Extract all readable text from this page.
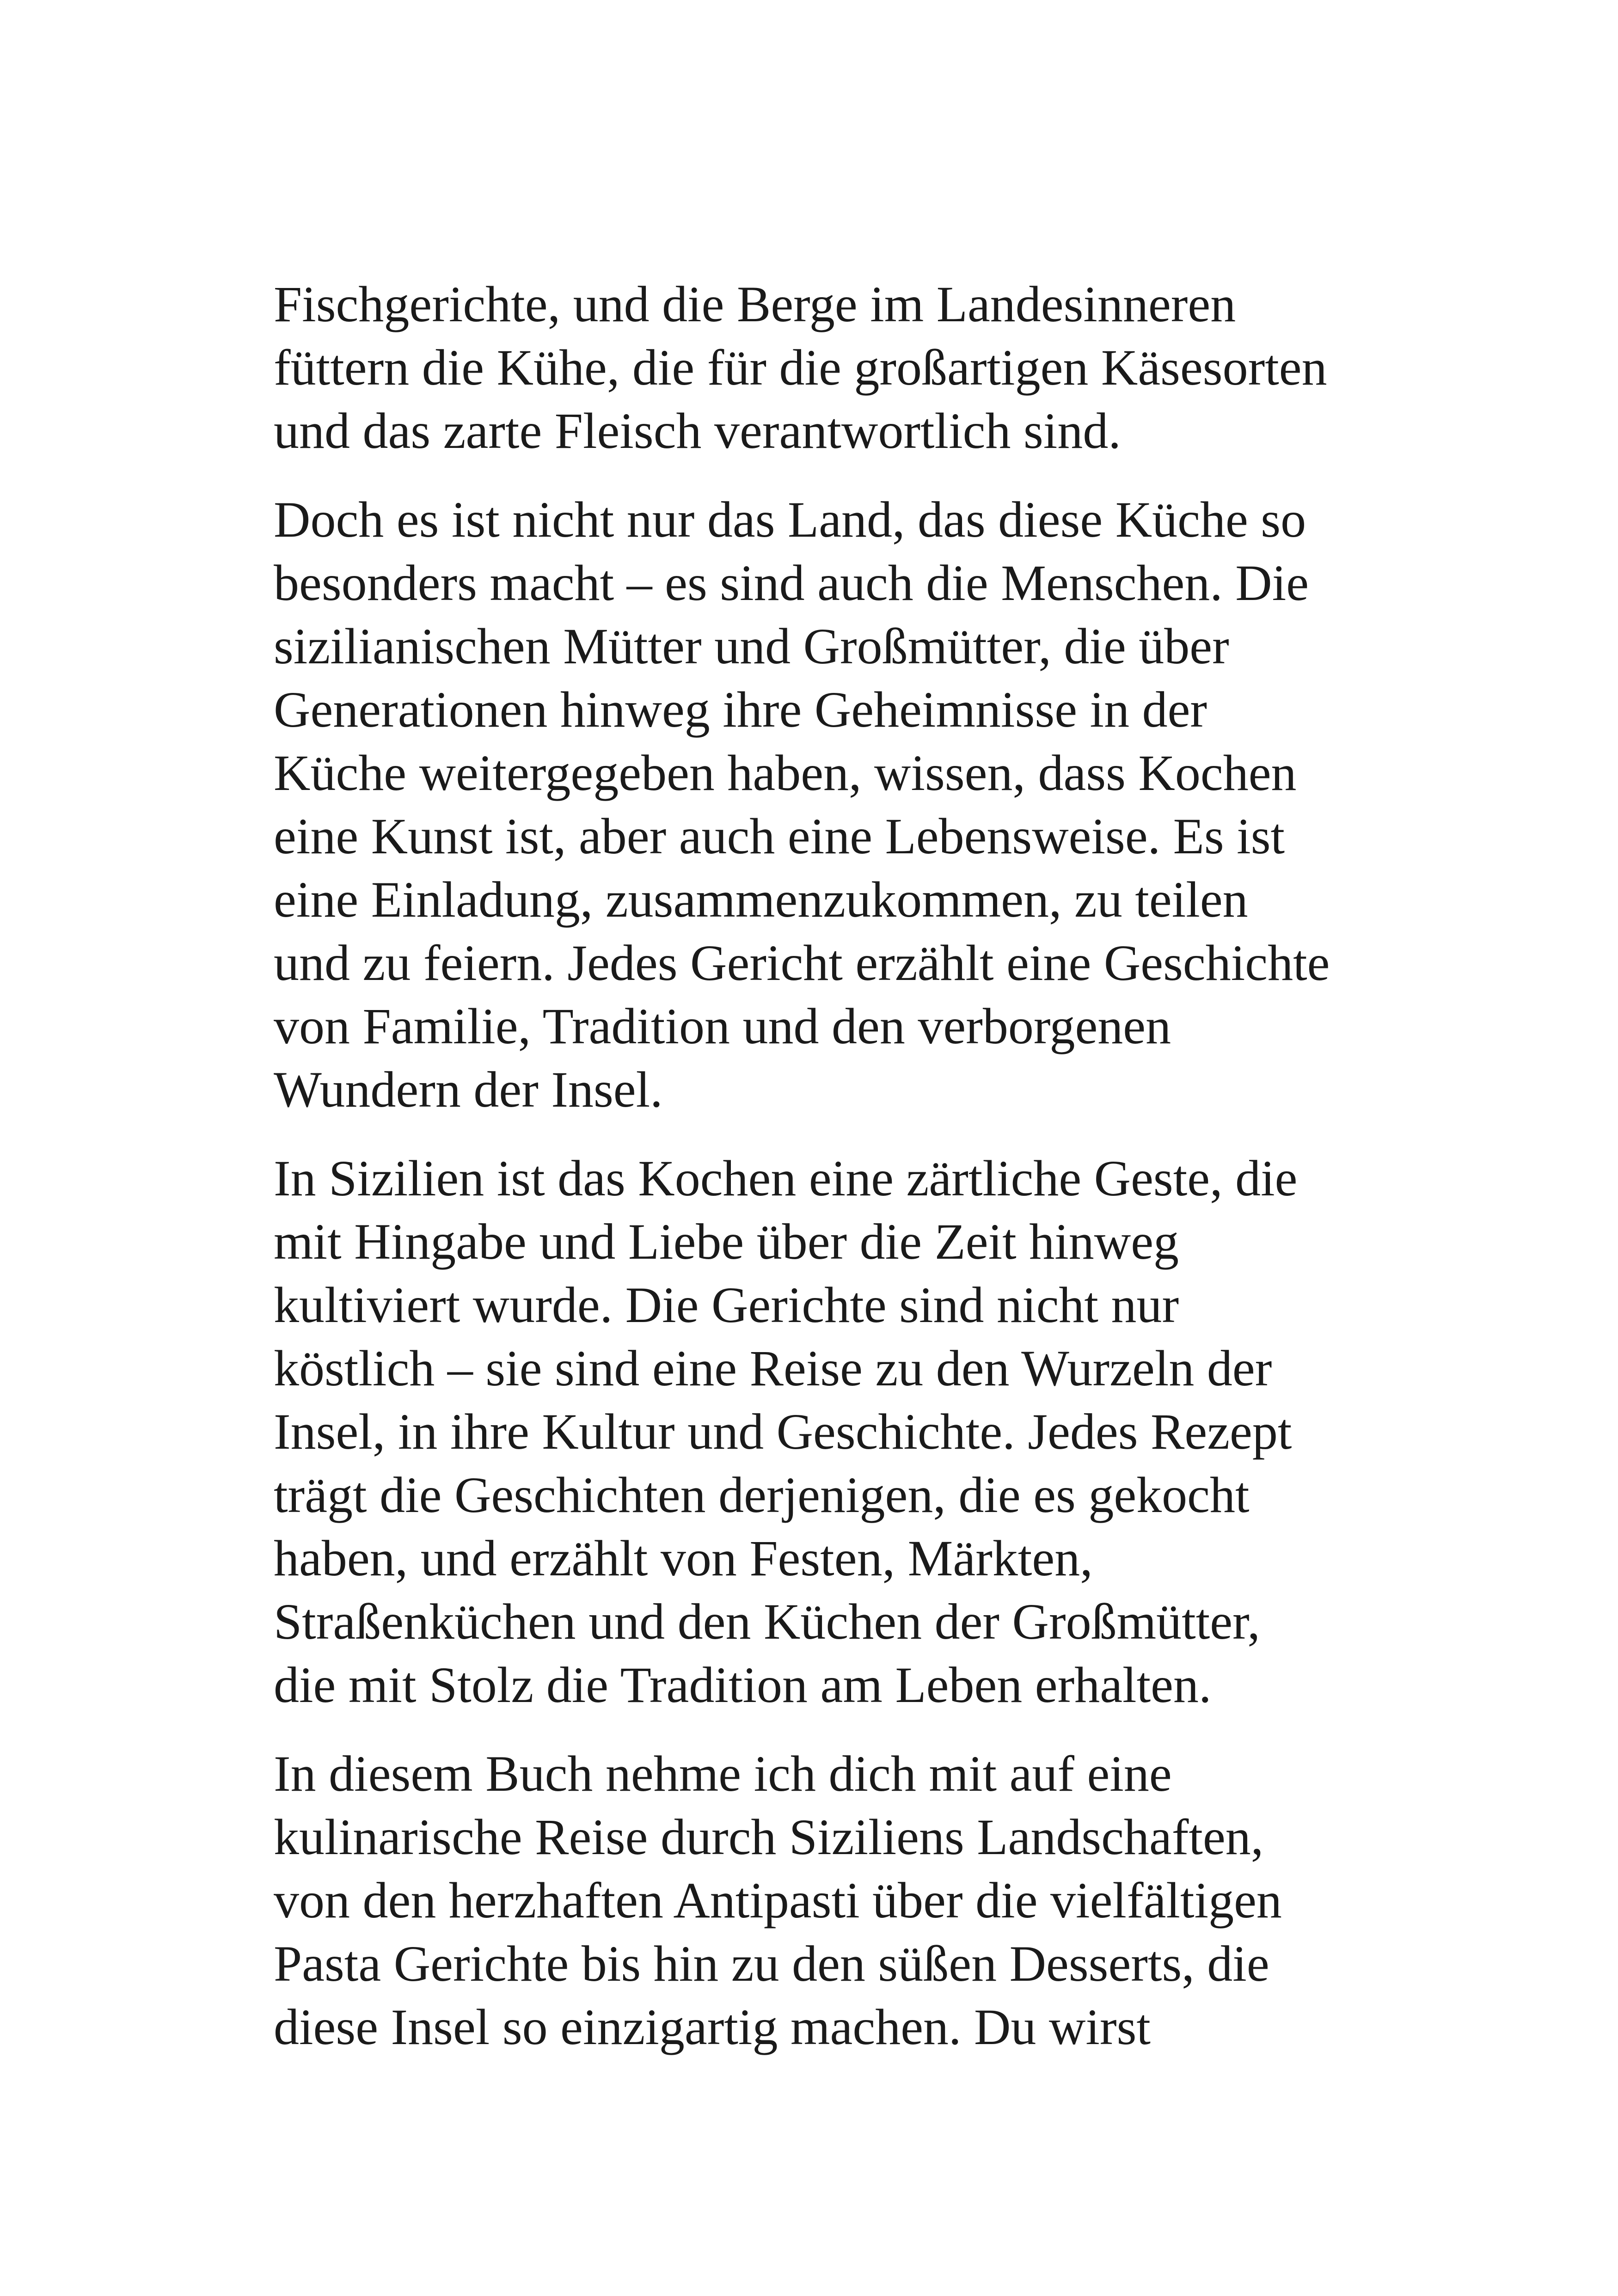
Fischgerichte, und die Berge im Landesinneren
füttern die Kühe, die für die großartigen Käsesorten
und das zarte Fleisch verantwortlich sind.

Doch es ist nicht nur das Land, das diese Küche so
besonders macht – es sind auch die Menschen. Die
sizilianischen Mütter und Großmütter, die über
Generationen hinweg ihre Geheimnisse in der
Küche weitergegeben haben, wissen, dass Kochen
eine Kunst ist, aber auch eine Lebensweise. Es ist
eine Einladung, zusammenzukommen, zu teilen
und zu feiern. Jedes Gericht erzählt eine Geschichte
von Familie, Tradition und den verborgenen
Wundern der Insel.

In Sizilien ist das Kochen eine zärtliche Geste, die
mit Hingabe und Liebe über die Zeit hinweg
kultiviert wurde. Die Gerichte sind nicht nur
köstlich – sie sind eine Reise zu den Wurzeln der
Insel, in ihre Kultur und Geschichte. Jedes Rezept
trägt die Geschichten derjenigen, die es gekocht
haben, und erzählt von Festen, Märkten,
Straßenküchen und den Küchen der Großmütter,
die mit Stolz die Tradition am Leben erhalten.

In diesem Buch nehme ich dich mit auf eine
kulinarische Reise durch Siziliens Landschaften,
von den herzhaften Antipasti über die vielfältigen
Pasta Gerichte bis hin zu den süßen Desserts, die
diese Insel so einzigartig machen. Du wirst
